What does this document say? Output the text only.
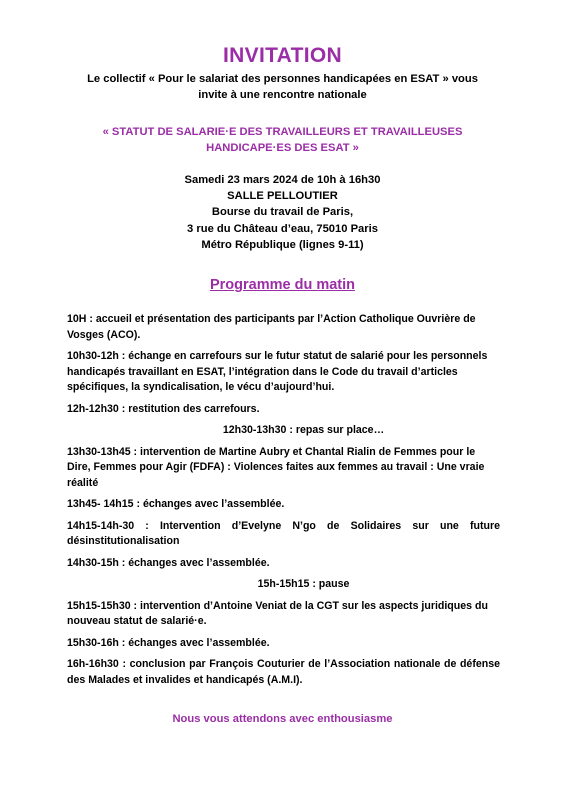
INVITATION
Le collectif « Pour le salariat des personnes handicapées en ESAT » vous
invite à une rencontre nationale
« STATUT DE SALARIE·E DES TRAVAILLEURS ET TRAVAILLEUSES
HANDICAPE·ES DES ESAT »
Samedi 23 mars 2024 de 10h à 16h30
SALLE PELLOUTIER
Bourse du travail de Paris,
3 rue du Château d’eau, 75010 Paris
Métro République (lignes 9-11)
Programme du matin
10H : accueil et présentation des participants par l’Action Catholique Ouvrière de Vosges (ACO).
10h30-12h : échange en carrefours sur le futur statut de salarié pour les personnels handicapés travaillant en ESAT, l’intégration dans le Code du travail d’articles spécifiques, la syndicalisation, le vécu d’aujourd’hui.
12h-12h30 : restitution des carrefours.
12h30-13h30 : repas sur place…
13h30-13h45 : intervention de Martine Aubry et Chantal Rialin de Femmes pour le Dire, Femmes pour Agir (FDFA) : Violences faites aux femmes au travail : Une vraie réalité
13h45- 14h15 : échanges avec l’assemblée.
14h15-14h-30 : Intervention d’Evelyne N’go de Solidaires sur une future désinstitutionalisation
14h30-15h : échanges avec l’assemblée.
15h-15h15 : pause
15h15-15h30 : intervention d’Antoine Veniat de la CGT sur les aspects juridiques du nouveau statut de salarié·e.
15h30-16h : échanges avec l’assemblée.
16h-16h30 : conclusion par François Couturier de l’Association nationale de défense des Malades et invalides et handicapés (A.M.I).
Nous vous attendons avec enthousiasme
